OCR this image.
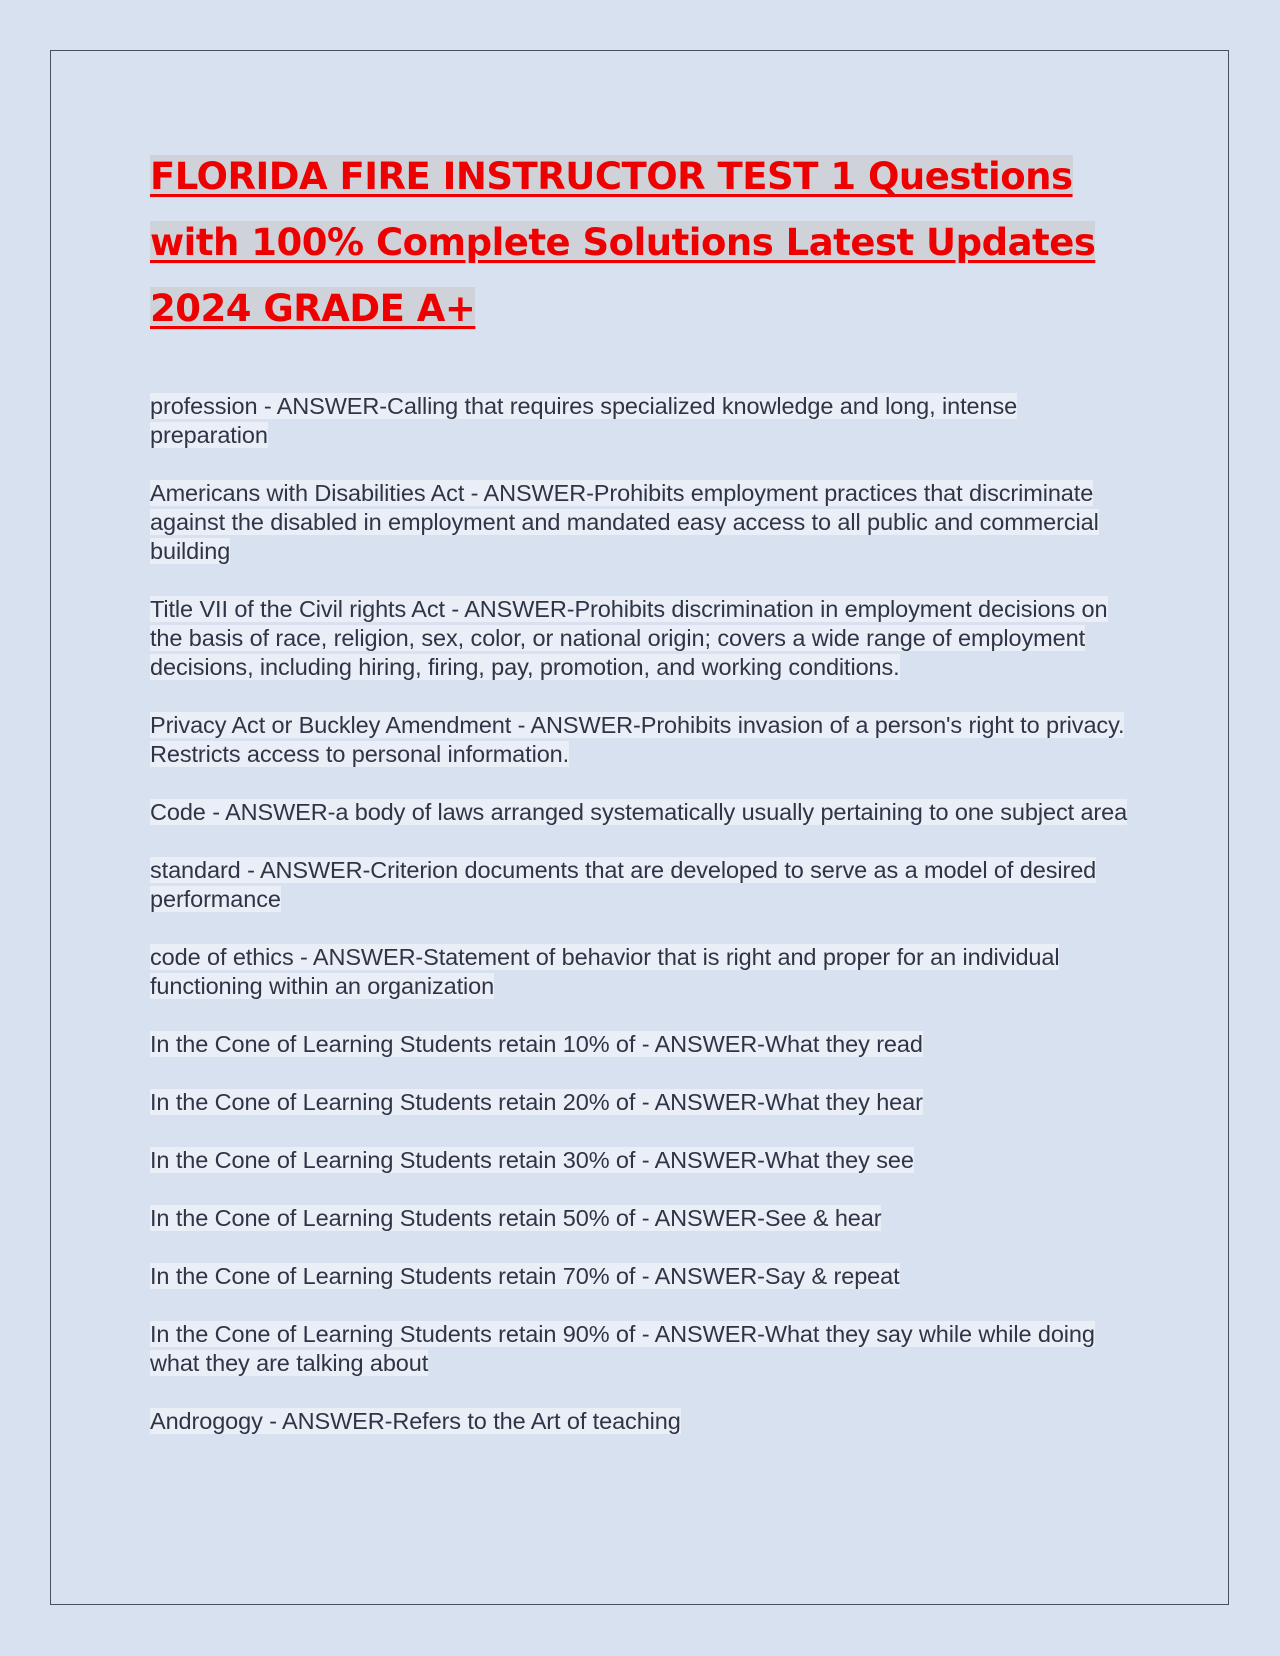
FLORIDA FIRE INSTRUCTOR TEST 1 Questions with 100% Complete Solutions Latest Updates 2024 GRADE A+
profession - ANSWER-Calling that requires specialized knowledge and long, intense preparation
Americans with Disabilities Act - ANSWER-Prohibits employment practices that discriminate against the disabled in employment and mandated easy access to all public and commercial building
Title VII of the Civil rights Act - ANSWER-Prohibits discrimination in employment decisions on the basis of race, religion, sex, color, or national origin; covers a wide range of employment decisions, including hiring, firing, pay, promotion, and working conditions.
Privacy Act or Buckley Amendment - ANSWER-Prohibits invasion of a person's right to privacy. Restricts access to personal information.
Code - ANSWER-a body of laws arranged systematically usually pertaining to one subject area
standard - ANSWER-Criterion documents that are developed to serve as a model of desired performance
code of ethics - ANSWER-Statement of behavior that is right and proper for an individual functioning within an organization
In the Cone of Learning Students retain 10% of - ANSWER-What they read
In the Cone of Learning Students retain 20% of - ANSWER-What they hear
In the Cone of Learning Students retain 30% of - ANSWER-What they see
In the Cone of Learning Students retain 50% of - ANSWER-See & hear
In the Cone of Learning Students retain 70% of - ANSWER-Say & repeat
In the Cone of Learning Students retain 90% of - ANSWER-What they say while while doing what they are talking about
Androgogy - ANSWER-Refers to the Art of teaching
